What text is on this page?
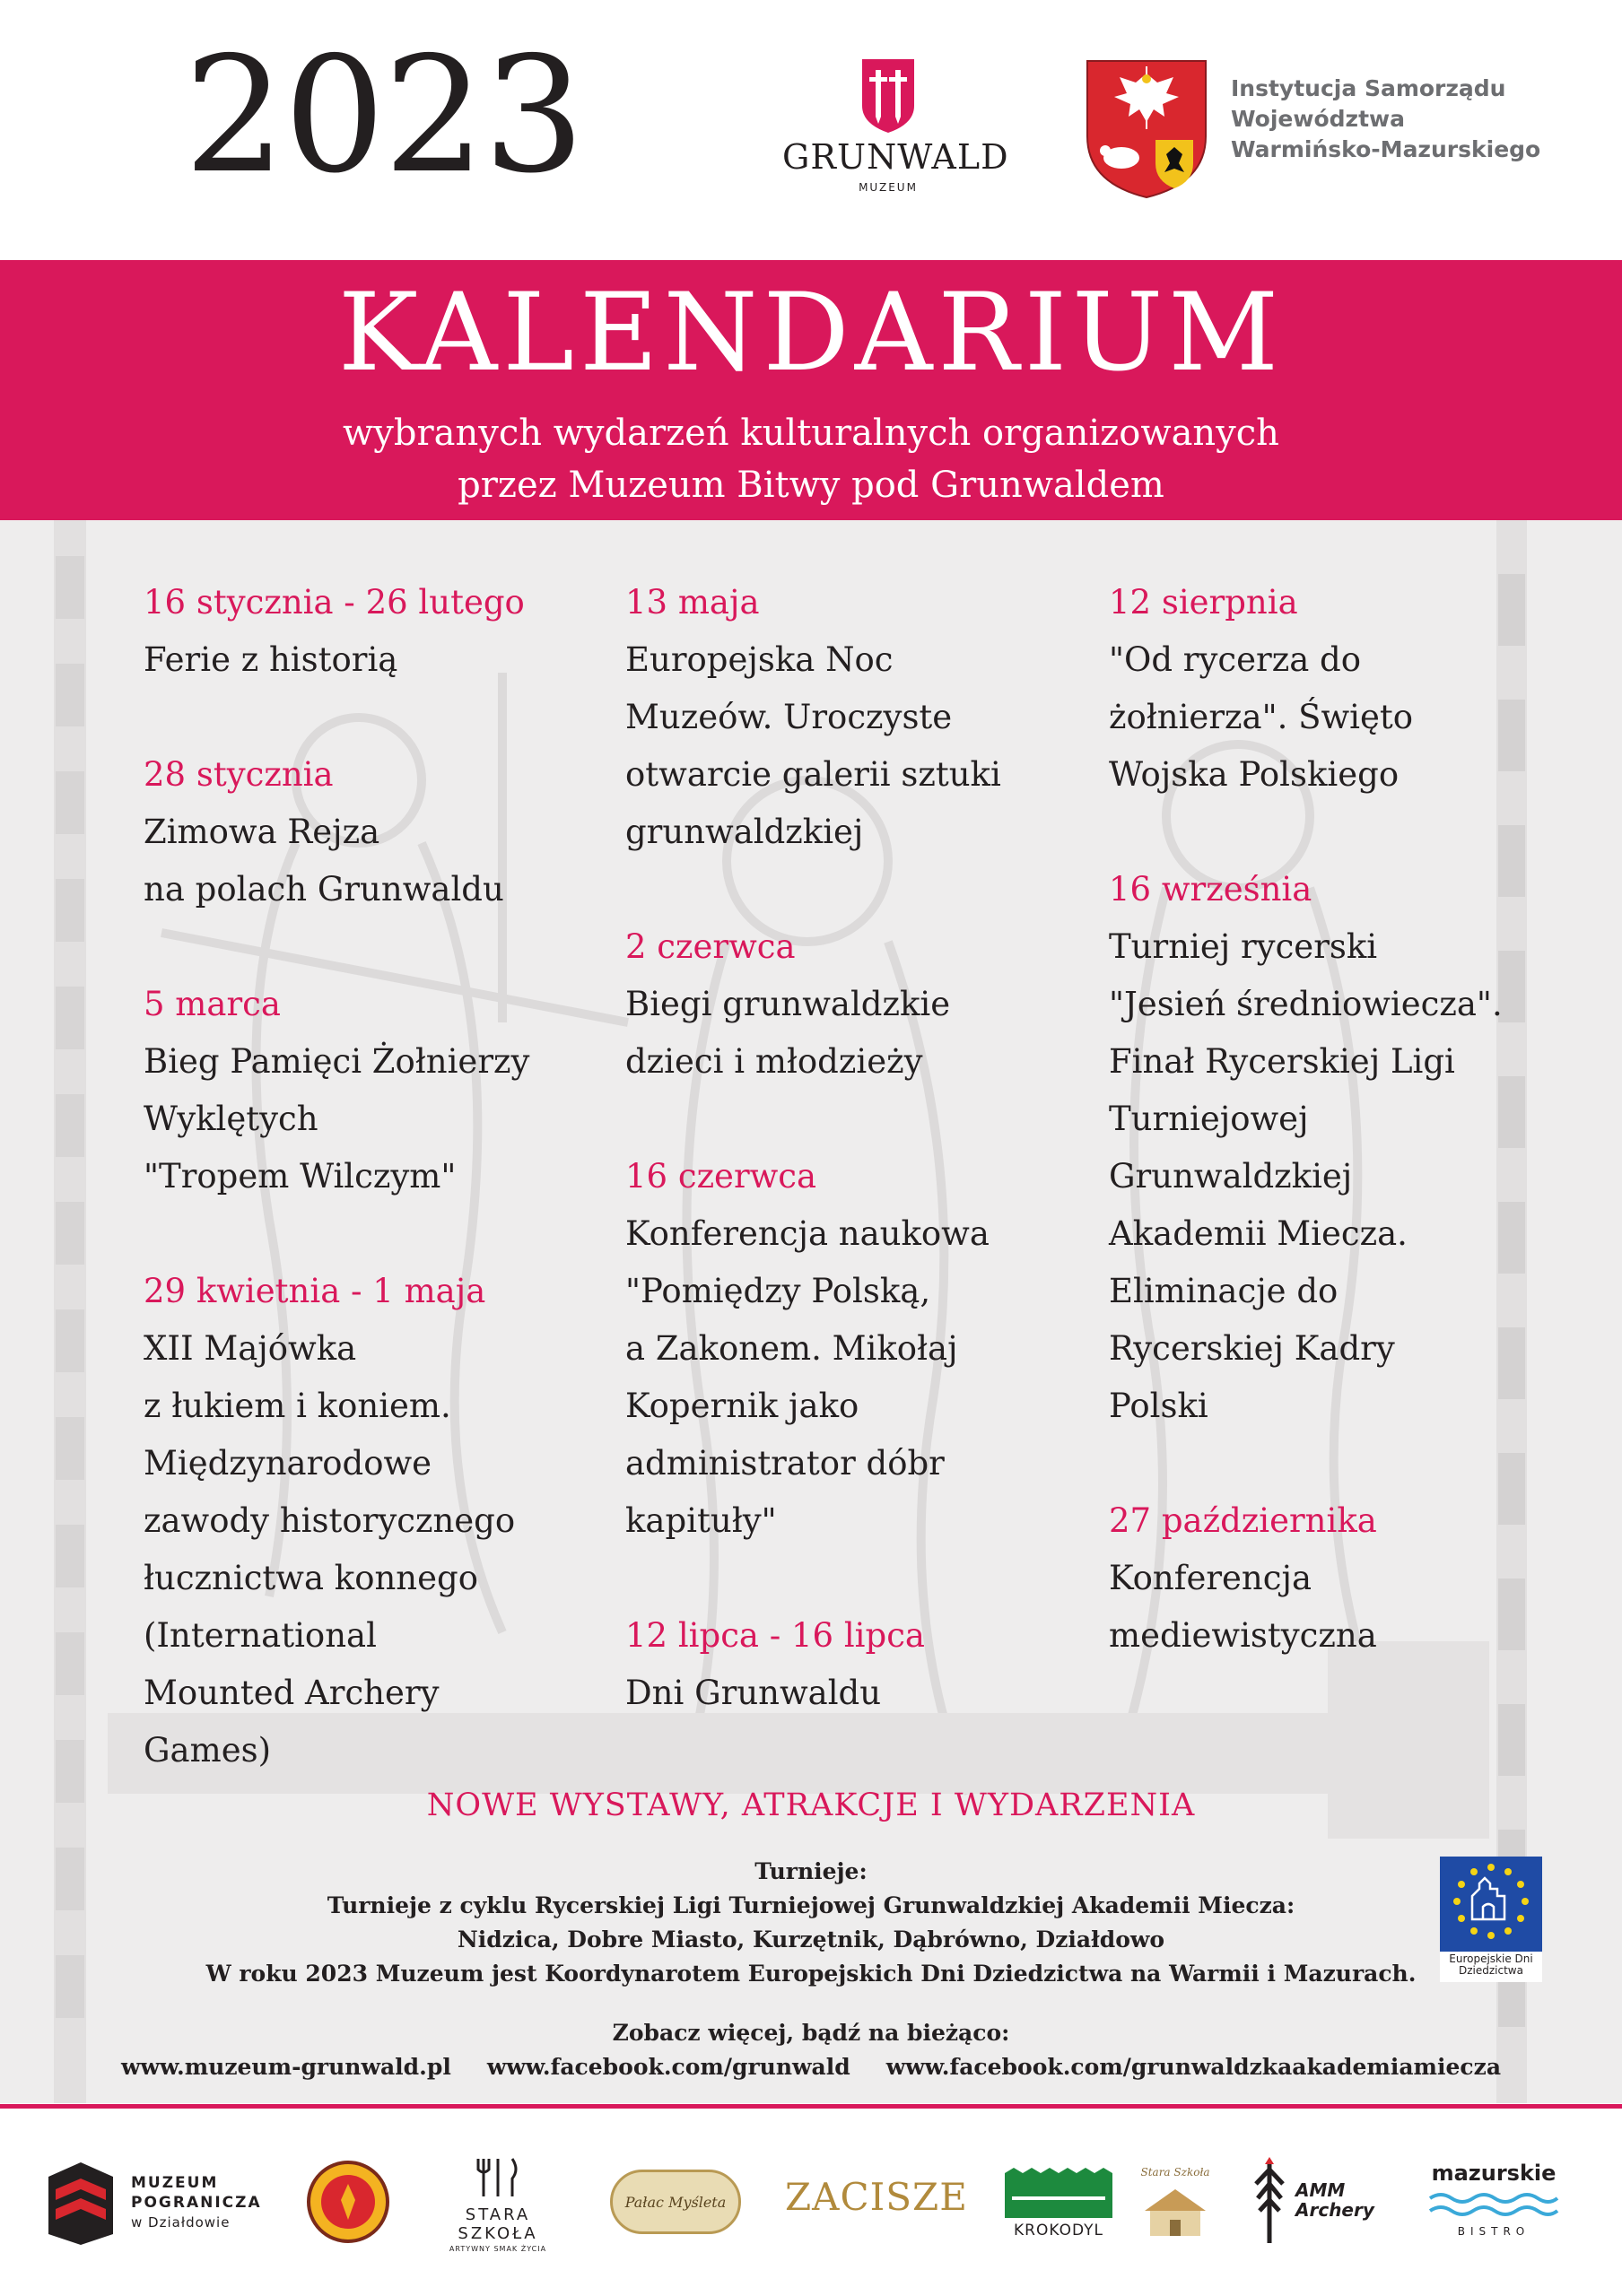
2023	GRUNWALD
MUZEUM
Instytucja Samorządu
Województwa
Warmińsko-Mazurskiego
KALENDARIUM
wybranych wydarzeń kulturalnych organizowanych
przez Muzeum Bitwy pod Grunwaldem
16 stycznia - 26 lutego
Ferie z historią
28 stycznia
Zimowa Rejza
na polach Grunwaldu
5 marca
Bieg Pamięci Żołnierzy
Wyklętych
"Tropem Wilczym"
29 kwietnia - 1 maja
XII Majówka
z łukiem i koniem.
Międzynarodowe
zawody historycznego
łucznictwa konnego
(International
Mounted Archery
Games)
13 maja
Europejska Noc
Muzeów. Uroczyste
otwarcie galerii sztuki
grunwaldzkiej
2 czerwca
Biegi grunwaldzkie
dzieci i młodzieży
16 czerwca
Konferencja naukowa
"Pomiędzy Polską,
a Zakonem. Mikołaj
Kopernik jako
administrator dóbr
kapituły"
12 lipca - 16 lipca
Dni Grunwaldu
12 sierpnia
"Od rycerza do
żołnierza". Święto
Wojska Polskiego
16 września
Turniej rycerski
"Jesień średniowiecza".
Finał Rycerskiej Ligi
Turniejowej
Grunwaldzkiej
Akademii Miecza.
Eliminacje do
Rycerskiej Kadry
Polski
27 października
Konferencja
mediewistyczna
NOWE WYSTAWY, ATRAKCJE I WYDARZENIA
Turnieje:
Turnieje z cyklu Rycerskiej Ligi Turniejowej Grunwaldzkiej Akademii Miecza:
Nidzica, Dobre Miasto, Kurzętnik, Dąbrówno, Działdowo
W roku 2023 Muzeum jest Koordynarotem Europejskich Dni Dziedzictwa na Warmii i Mazurach.
Zobacz więcej, bądź na bieżąco:
www.muzeum-grunwald.pl www.facebook.com/grunwald www.facebook.com/grunwaldzkaakademiamiecza
Europejskie Dni
Dziedzictwa
MUZEUM
POGRANICZA
w Działdowie	STARA SZKOŁA
ARTYWNY SMAK ŻYCIA
Pałac Myśleta	ZACISZE
KROKODYL
Stara Szkoła
AMM
Archery
mazurskie
BISTRO
